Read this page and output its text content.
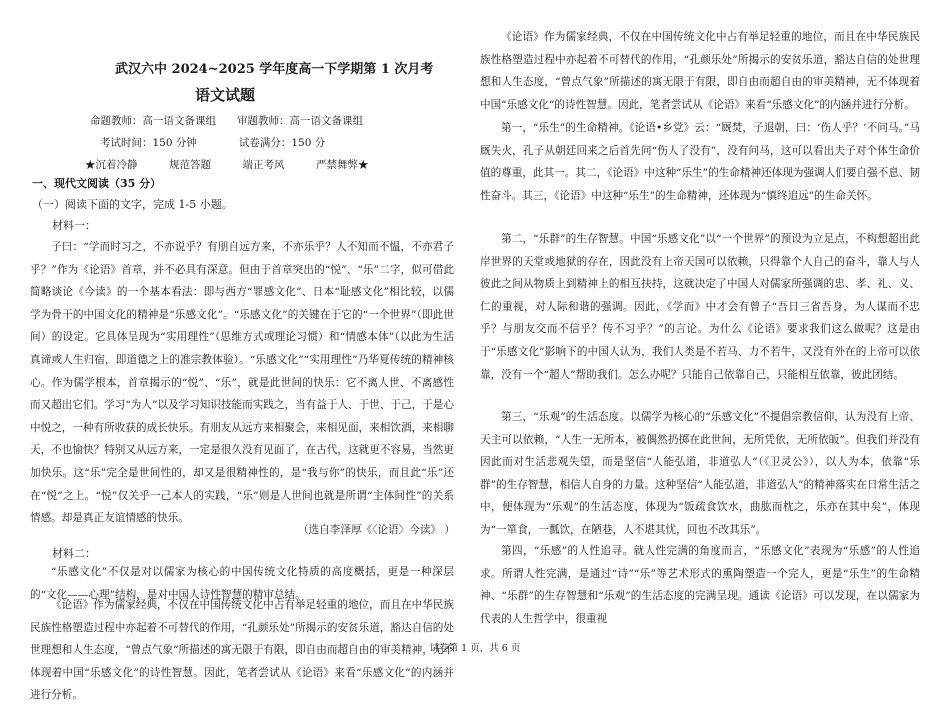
武汉六中 2024~2025 学年度高一下学期第 1 次月考
语文试题
命题教师：高一语文备课组　　审题教师：高一语文备课组
考试时间：150 分钟　　　　试卷满分：150 分
★沉着冷静　　　规范答题　　　端正考风　　　严禁舞弊★
一、现代文阅读（35 分）
（一）阅读下面的文字，完成 1-5 小题。
材料一：
子曰：“学而时习之，不亦说乎？有朋自远方来，不亦乐乎？人不知而不愠，不亦君子乎？”作为《论语》首章，并不必具有深意。但由于首章突出的“悦”、“乐”二字，似可借此简略谈论《今读》的一个基本看法：即与西方“罪感文化”、日本“耻感文化”相比较，以儒学为骨干的中国文化的精神是“乐感文化”。“乐感文化”的关键在于它的“一个世界”（即此世间）的设定。它具体呈现为“实用理性”（思维方式或理论习惯）和“情感本体”（以此为生活真谛或人生归宿，即道德之上的准宗教体验）。“乐感文化”“实用理性”乃华夏传统的精神核心。作为儒学根本，首章揭示的“悦”、“乐”，就是此世间的快乐：它不离人世、不离感性而又超出它们。学习“为人”以及学习知识技能而实践之，当有益于人、于世、于己，于是心中悦之，一种有所收获的成长快乐。有朋友从远方来相聚会，来相见面，来相饮酒，来相聊天，不也愉快？特别又从远方来，一定是很久没有见面了，在古代，这就更不容易，当然更加快乐。这“乐”完全是世间性的，却又是很精神性的，是“我与你”的快乐，而且此“乐”还在“悦”之上。“悦”仅关乎一己本人的实践，“乐”则是人世间也就是所谓“主体间性”的关系情感。却是真正友谊情感的快乐。
（选自李泽厚《〈论语〉今读》 ）
材料二：
“乐感文化”不仅是对以儒家为核心的中国传统文化特质的高度概括，更是一种深层的“文化——心理”结构，是对中国人诗性智慧的精审总结。
《论语》作为儒家经典，不仅在中国传统文化中占有举足轻重的地位，而且在中华民族民族性格塑造过程中亦起着不可替代的作用，“孔颜乐处”所揭示的安贫乐道，豁达自信的处世理想和人生态度，“曾点气象”所描述的寓无限于有限，即自由而超自由的审美精神，无不体现着中国“乐感文化”的诗性智慧。因此，笔者尝试从《论语》来看“乐感文化”的内涵并进行分析。
《论语》作为儒家经典，不仅在中国传统文化中占有举足轻重的地位，而且在中华民族民族性格塑造过程中亦起着不可替代的作用，“孔颜乐处”所揭示的安贫乐道，豁达自信的处世理想和人生态度，“曾点气象”所描述的寓无限于有限，即自由而超自由的审美精神，无不体现着中国“乐感文化”的诗性智慧。因此，笔者尝试从《论语》来看“乐感文化”的内涵并进行分析。
第一，“乐生”的生命精神。《论语•乡党》云：“厩焚，子退朝，曰：‘伤人乎？’不问马。”马厩失火，孔子从朝廷回来之后首先问“伤人了没有”，没有问马，这可以看出夫子对个体生命价值的尊重，此其一。其二，《论语》中这种“乐生”的生命精神还体现为强调人们要自强不息、韧性奋斗。其三，《论语》中这种“乐生”的生命精神，还体现为“慎终追远”的生命关怀。
第二，“乐群”的生存智慧。中国“乐感文化”以“一个世界”的预设为立足点，不构想超出此岸世界的天堂或地狱的存在，因此没有上帝天国可以依赖，只得靠个人自己的奋斗，靠人与人彼此之间从物质上到精神上的相互扶持，这就决定了中国人对儒家所强调的忠、孝、礼、义、仁的重视，对人际和谐的强调。因此，《学而》中才会有曾子“吾日三省吾身，为人谋而不忠乎？与朋友交而不信乎？传不习乎？”的言论。为什么《论语》要求我们这么做呢？这是由于“乐感文化”影响下的中国人认为，我们人类是不若马、力不若牛，又没有外在的上帝可以依靠，没有一个“超人”帮助我们。怎么办呢？只能自己依靠自己，只能相互依靠，彼此团结。
第三，“乐观”的生活态度。以儒学为核心的“乐感文化”不提倡宗教信仰，认为没有上帝、天主可以依赖，“人生一无所本，被偶然扔掷在此世间，无所凭依，无所依皈”。但我们并没有因此而对生活悲观失望，而是坚信“人能弘道，非道弘人”（《卫灵公》），以人为本，依靠“乐群”的生存智慧，相信人自身的力量。这种坚信“人能弘道，非道弘人”的精神落实在日常生活之中，便体现为“乐观”的生活态度，体现为“饭疏食饮水，曲肱而枕之，乐亦在其中矣”，体现为“一箪食，一瓢饮，在陋巷，人不堪其忧，回也不改其乐”。
第四，“乐感”的人性追寻。就人性完满的角度而言，“乐感文化”表现为“乐感”的人性追求。所谓人性完满，是通过“诗”“乐”等艺术形式的熏陶塑造一个完人，更是“乐生”的生命精神、“乐群”的生存智慧和“乐观”的生活态度的完满呈现。通读《论语》可以发现，在以儒家为代表的人生哲学中，很重视
试卷第 1 页，共 6 页
